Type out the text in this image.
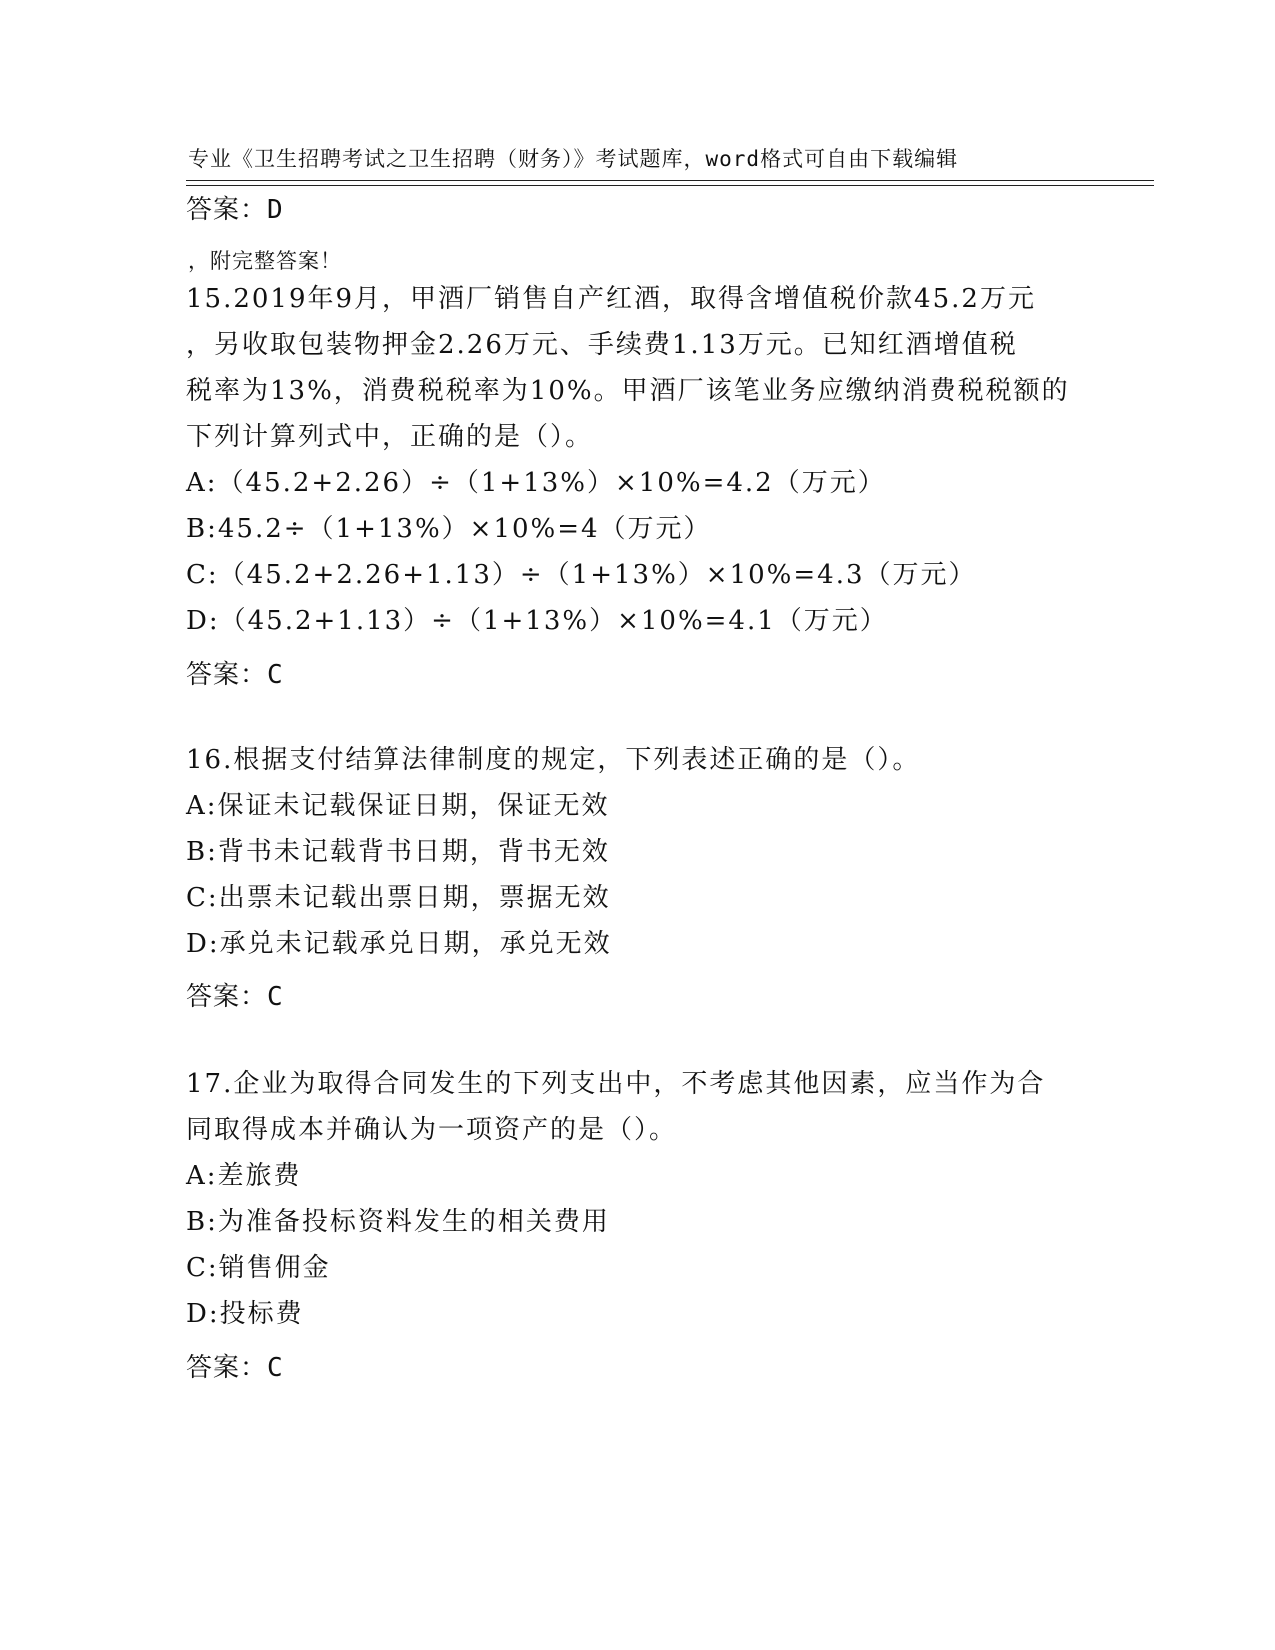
专业《卫生招聘考试之卫生招聘（财务）》考试题库，word格式可自由下载编辑

，附完整答案！

答案：D
15.2019年9月，甲酒厂销售自产红酒，取得含增值税价款45.2万元
，另收取包装物押金2.26万元、手续费1.13万元。已知红酒增值税
税率为13%，消费税税率为10%。甲酒厂该笔业务应缴纳消费税税额的
下列计算列式中，正确的是（）。
A:（45.2+2.26）÷（1+13%）×10%=4.2（万元）
B:45.2÷（1+13%）×10%=4（万元）
C:（45.2+2.26+1.13）÷（1+13%）×10%=4.3（万元）
D:（45.2+1.13）÷（1+13%）×10%=4.1（万元）
答案：C
16.根据支付结算法律制度的规定，下列表述正确的是（）。
A:保证未记载保证日期，保证无效
B:背书未记载背书日期，背书无效
C:出票未记载出票日期，票据无效
D:承兑未记载承兑日期，承兑无效
答案：C
17.企业为取得合同发生的下列支出中，不考虑其他因素，应当作为合
同取得成本并确认为一项资产的是（）。
A:差旅费
B:为准备投标资料发生的相关费用
C:销售佣金
D:投标费
答案：C
